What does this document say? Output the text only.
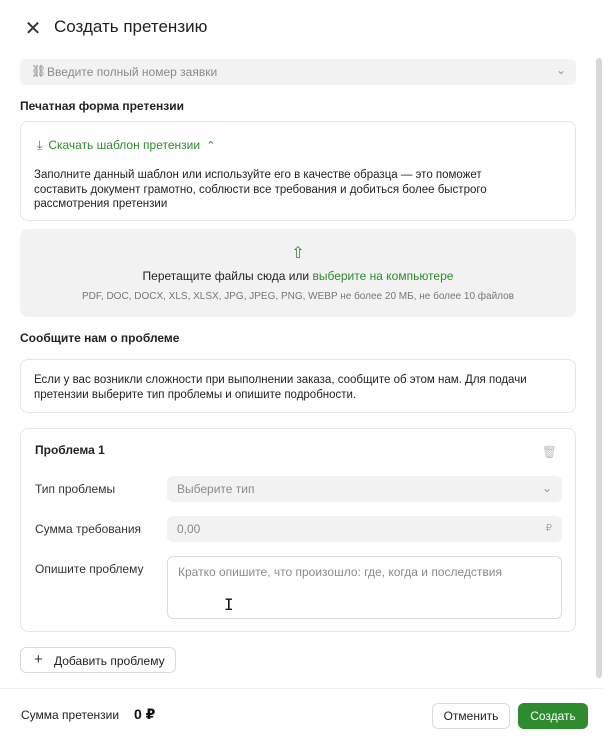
✕ Создать претензию
⛓ Введите полный номер заявки	⌄
Печатная форма претензии
⤓ Скачать шаблон претензии ⌃
Заполните данный шаблон или используйте его в качестве образца — это поможет
составить документ грамотно, соблюсти все требования и добиться более быстрого
рассмотрения претензии
⇧
Перетащите файлы сюда или выберите на компьютере
PDF, DOC, DOCX, XLS, XLSX, JPG, JPEG, PNG, WEBP не более 20 МБ, не более 10 файлов
Сообщите нам о проблеме
Если у вас возникли сложности при выполнении заказа, сообщите об этом нам. Для подачи
претензии выберите тип проблемы и опишите подробности.
Проблема 1	🗑
Тип проблемы	Выберите тип	⌄
Сумма требования	0,00	₽
Опишите проблему	Кратко опишите, что произошло: где, когда и последствия
I
+ Добавить проблему
Сумма претензии 0 ₽	Отменить	Создать
